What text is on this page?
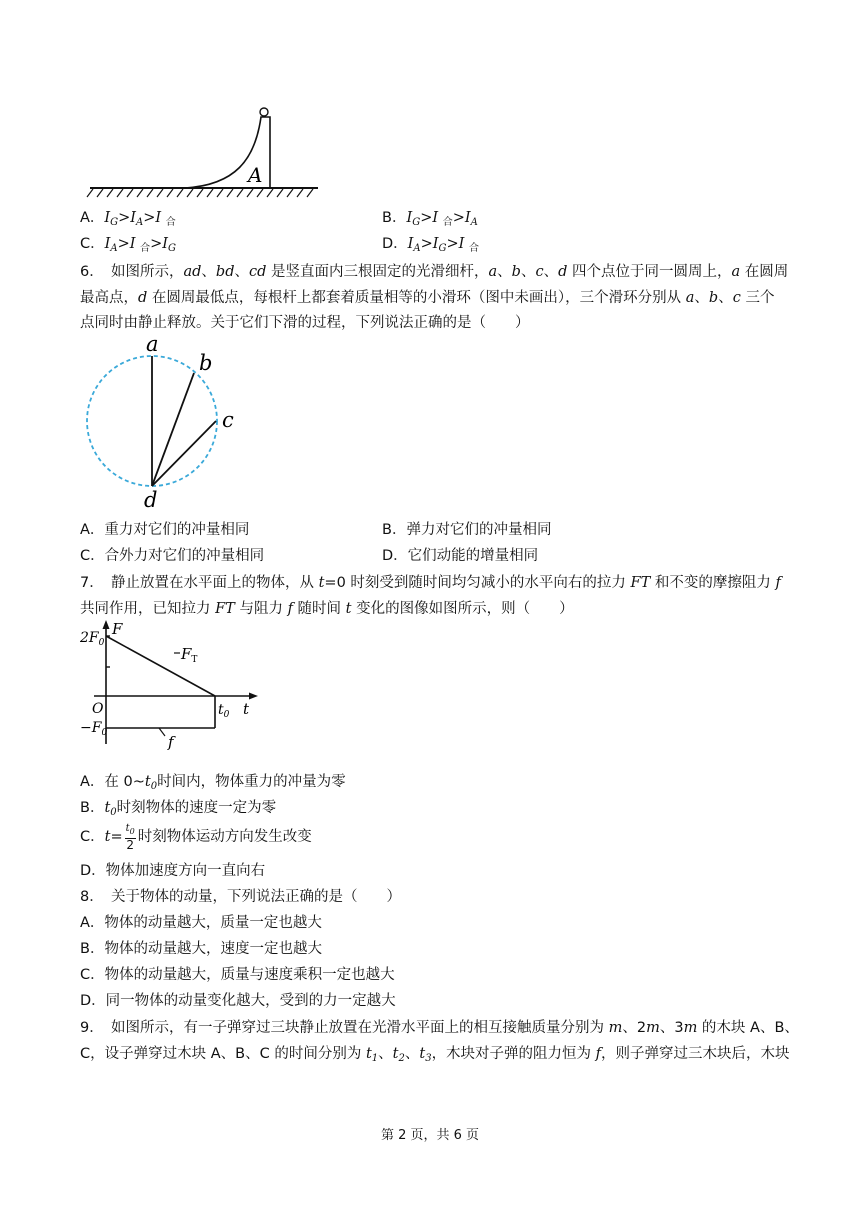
A
A．$I_G>I_A>I$ $_合$	B．$I_G>I$ $_合>I_A$
C．$I_A>I$ $_合>I_G$	D．$I_A>I_G>I$ $_合$
6．　如图所示，ad、bd、cd 是竖直面内三根固定的光滑细杆，a、b、c、d 四个点位于同一圆周上，a 在圆周
最高点，d 在圆周最低点，每根杆上都套着质量相等的小滑环（图中未画出），三个滑环分别从 a、b、c 三个
点同时由静止释放。关于它们下滑的过程，下列说法正确的是（　　）
a
b
c
d
A．重力对它们的冲量相同	B．弹力对它们的冲量相同
C．合外力对它们的冲量相同	D．它们动能的增量相同
7．　静止放置在水平面上的物体，从 t=0 时刻受到随时间均匀减小的水平向右的拉力 FT 和不变的摩擦阻力 f
共同作用，已知拉力 FT 与阻力 f 随时间 t 变化的图像如图所示，则（　　）
$2F_0$
F
$F_T$
O	$t_0$ t
$-F_0$	f
A．在 $0\sim t_0$时间内，物体重力的冲量为零
B．$t_0$时刻物体的速度一定为零
C．$t= \frac{t_0}{2}$ 时刻物体运动方向发生改变
D．物体加速度方向一直向右
8．　关于物体的动量，下列说法正确的是（　　）
A．物体的动量越大，质量一定也越大
B．物体的动量越大，速度一定也越大
C．物体的动量越大，质量与速度乘积一定也越大
D．同一物体的动量变化越大，受到的力一定越大
9．　如图所示，有一子弹穿过三块静止放置在光滑水平面上的相互接触质量分别为 m、2m、3m 的木块 A、B、
C，设子弹穿过木块 A、B、C 的时间分别为 $t_1$、$t_2$、$t_3$，木块对子弹的阻力恒为 f，则子弹穿过三木块后，木块
第 2 页，共 6 页
